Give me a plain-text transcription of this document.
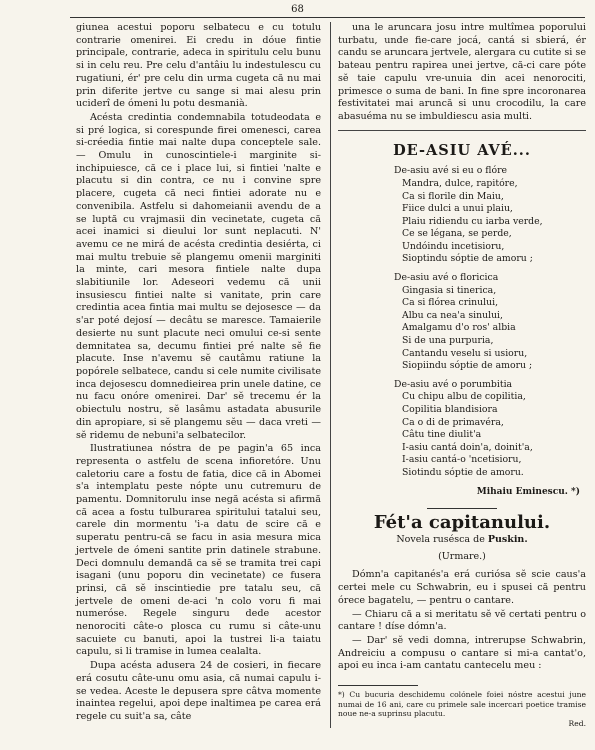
68

giunea acestui poporu selbatecu e cu totulu contrarie omenirei. Ei credu in dóue fintie principale, contrarie, adeca in spiritulu celu bunu si in celu reu. Pre celu d'antâiu lu indestulescu cu rugatiuni, ér' pre celu din urma cugeta că nu mai prin diferite jertve cu sange si mai alesu prin uciderî de ómeni lu potu desmanià.

Acésta credintia condemnabila totudeodata e si pré logica, si corespunde firei omenesci, carea si-créedia fintie mai nalte dupa conceptele sale. — Omulu in cunoscintiele-i marginite si-inchipuiesce, că ce i place lui, si fintiei 'nalte e placutu si din contra, ce nu i convine spre placere, cugeta că neci fintiei adorate nu e convenibila. Astfelu si dahomeianii avendu de a se luptă cu vrajmasii din vecinetate, cugeta că acei inamici si dieului lor sunt neplacuti. N' avemu ce ne mirá de acésta credintia desiérta, ci mai multu trebuie sĕ plangemu omenii marginiti la minte, cari mesora fintiele nalte dupa slabitiunile lor. Adeseori vedemu că unii insusiescu fintiei nalte si vanitate, prin care credintia acea fintia mai multu se dejosesce — da s'ar poté dejosí — decâtu se maresce. Tamaierile desierte nu sunt placute neci omului ce-si sente demnitatea sa, decumu fintiei pré nalte sĕ fie placute. Inse n'avemu sĕ cautâmu ratiune la popórele selbatece, candu si cele numite civilisate inca dejosescu domnedieirea prin unele datine, ce nu facu onóre omenirei. Dar' sĕ trecemu ér la obiectulu nostru, sĕ lasâmu astadata abusurile din apropiare, si sĕ plangemu sĕu — daca vreti — sĕ ridemu de nebuni'a selbatecilor.

Ilustratiunea nóstra de pe pagin'a 65 inca representa o astfelu de scena infioretóre. Unu caletoriu care a fostu de fatia, dice că in Abomei s'a intemplatu peste nópte unu cutremuru de pamentu. Domnitorulu inse negă acésta si afirmă că acea a fostu tulburarea spiritului tatalui seu, carele din mormentu 'i-a datu de scire că e superatu pentru-că se facu in asia mesura mica jertvele de ómeni santite prin datinele strabune. Deci domnulu demandă ca sĕ se tramita trei capi isagani (unu poporu din vecinetate) ce fusera prinsi, că sĕ inscintiedie pre tatalu seu, că jertvele de omeni de-aci 'n colo voru fi mai numeróse. Regele singuru dede acestor nenorociti câte-o plosca cu rumu si câte-unu sacuiete cu banuti, apoi la tustrei li-a taiatu capulu, si li tramise in lumea cealalta.

Dupa acésta adusera 24 de cosieri, in fiecare erá cosutu câte-unu omu asia, că numai capulu i-se vedea. Aceste le depusera spre câtva momente inaintea regelui, apoi depe inaltimea pe carea erá regele cu suit'a sa, câte

una le aruncara josu intre multîmea poporului turbatu, unde fie-care jocá, cantá si sbierá, ér candu se aruncara jertvele, alergara cu cutite si se bateau pentru rapirea unei jertve, că-ci care póte sĕ taie capulu vre-unuia din acei nenorociti, primesce o suma de bani. In fine spre incoronarea festivitatei mai aruncă si unu crocodilu, la care abasuéma nu se imbuldiescu asia multi.

DE-ASIU AVÉ...
De-asiu avé si eu o flóre
Mandra, dulce, rapitóre,
Ca si florile din Maiu,
Fiice dulci a unui plaiu,
Plaiu ridiendu cu iarba verde,
Ce se légana, se perde,
Undóindu incetisioru,
Sioptindu sóptie de amoru ;
De-asiu avé o floricica
Gingasia si tinerica,
Ca si flórea crinului,
Albu ca nea'a sinului,
Amalgamu d'o ros' albia
Si de una purpuria,
Cantandu veselu si usioru,
Siopiindu sóptie de amoru ;
De-asiu avé o porumbitia
Cu chipu albu de copilitia,
Copilitia blandisiora
Ca o di de primavéra,
Câtu tine diulit'a
I-asiu cantá doin'a, doinit'a,
I-asiu cantá-o 'ncetisioru,
Siotindu sóptie de amoru.
Mihaiu Eminescu. *)
Fét'a capitanului.
Novela rusésca de Puskin.
(Urmare.)

Dómn'a capitanés'a erá curiósa sĕ scie caus'a certei mele cu Schwabrin, eu i spusei că pentru órece bagatelu, — pentru o cantare.

— Chiaru că a si meritatu sĕ vĕ certati pentru o cantare ! díse dómn'a.

— Dar' sĕ vedi domna, intrerupse Schwabrin, Andreiciu a compusu o cantare si mi-a cantat'o, apoi eu inca i-am cantatu cantecelu meu :

*) Cu bucuria deschidemu colónele foiei nóstre acestui june numai de 16 ani, care cu primele sale incercari poetice tramise noue ne-a suprinsu placutu.
Red.
